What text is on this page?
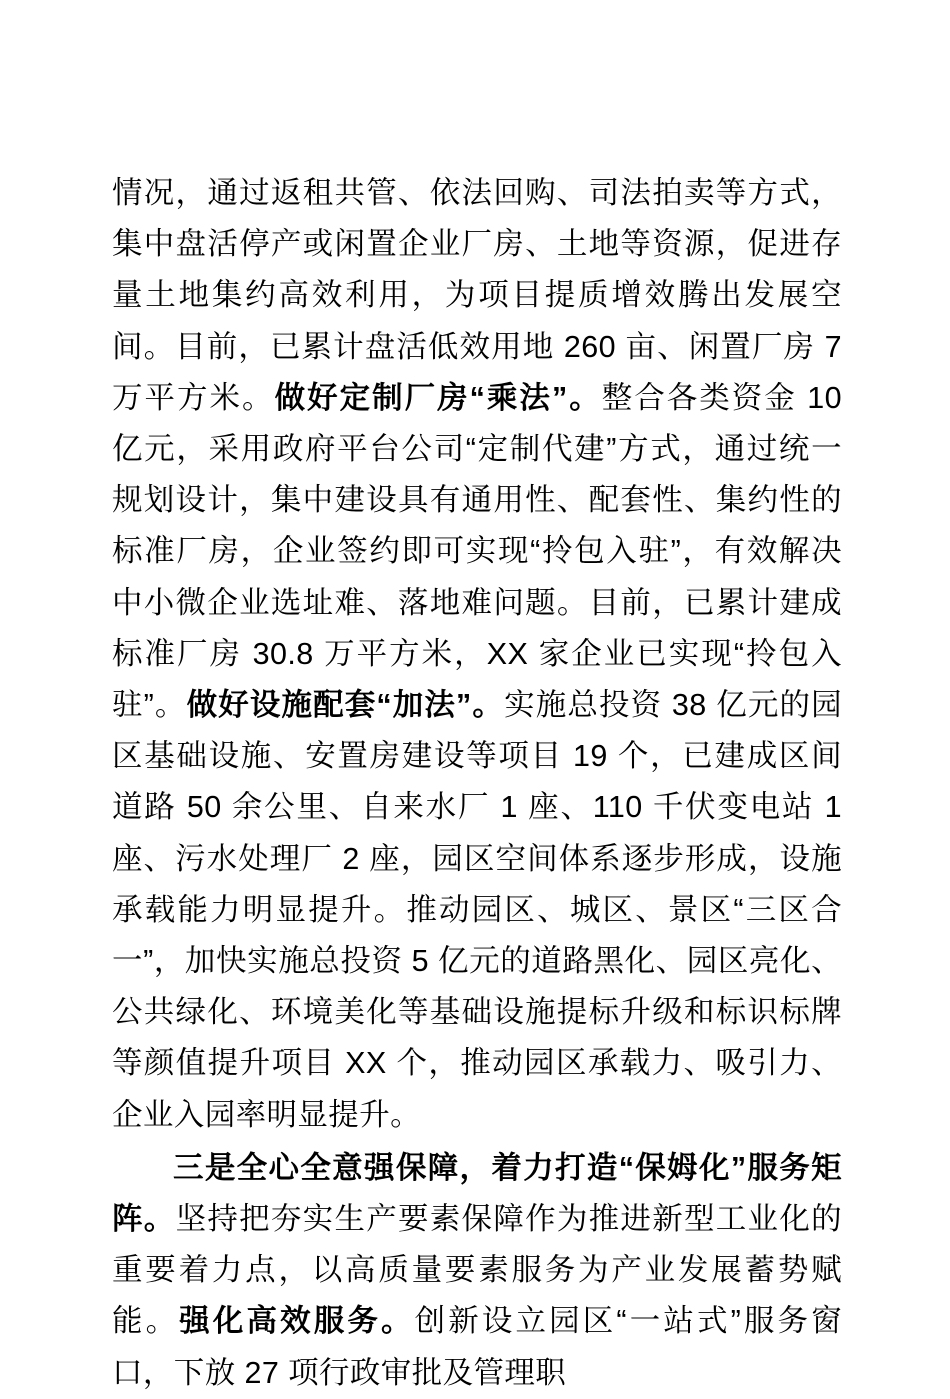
情况，通过返租共管、依法回购、司法拍卖等方式，集中盘活停产或闲置企业厂房、土地等资源，促进存量土地集约高效利用，为项目提质增效腾出发展空间。目前，已累计盘活低效用地 260 亩、闲置厂房 7 万平方米。做好定制厂房“乘法”。整合各类资金 10 亿元，采用政府平台公司“定制代建”方式，通过统一规划设计，集中建设具有通用性、配套性、集约性的标准厂房，企业签约即可实现“拎包入驻”，有效解决中小微企业选址难、落地难问题。目前，已累计建成标准厂房 30.8 万平方米，XX 家企业已实现“拎包入驻”。做好设施配套“加法”。实施总投资 38 亿元的园区基础设施、安置房建设等项目 19 个，已建成区间道路 50 余公里、自来水厂 1 座、110 千伏变电站 1 座、污水处理厂 2 座，园区空间体系逐步形成，设施承载能力明显提升。推动园区、城区、景区“三区合一”，加快实施总投资 5 亿元的道路黑化、园区亮化、公共绿化、环境美化等基础设施提标升级和标识标牌等颜值提升项目 XX 个，推动园区承载力、吸引力、企业入园率明显提升。

三是全心全意强保障，着力打造“保姆化”服务矩阵。坚持把夯实生产要素保障作为推进新型工业化的重要着力点，以高质量要素服务为产业发展蓄势赋能。强化高效服务。创新设立园区“一站式”服务窗口，下放 27 项行政审批及管理职
